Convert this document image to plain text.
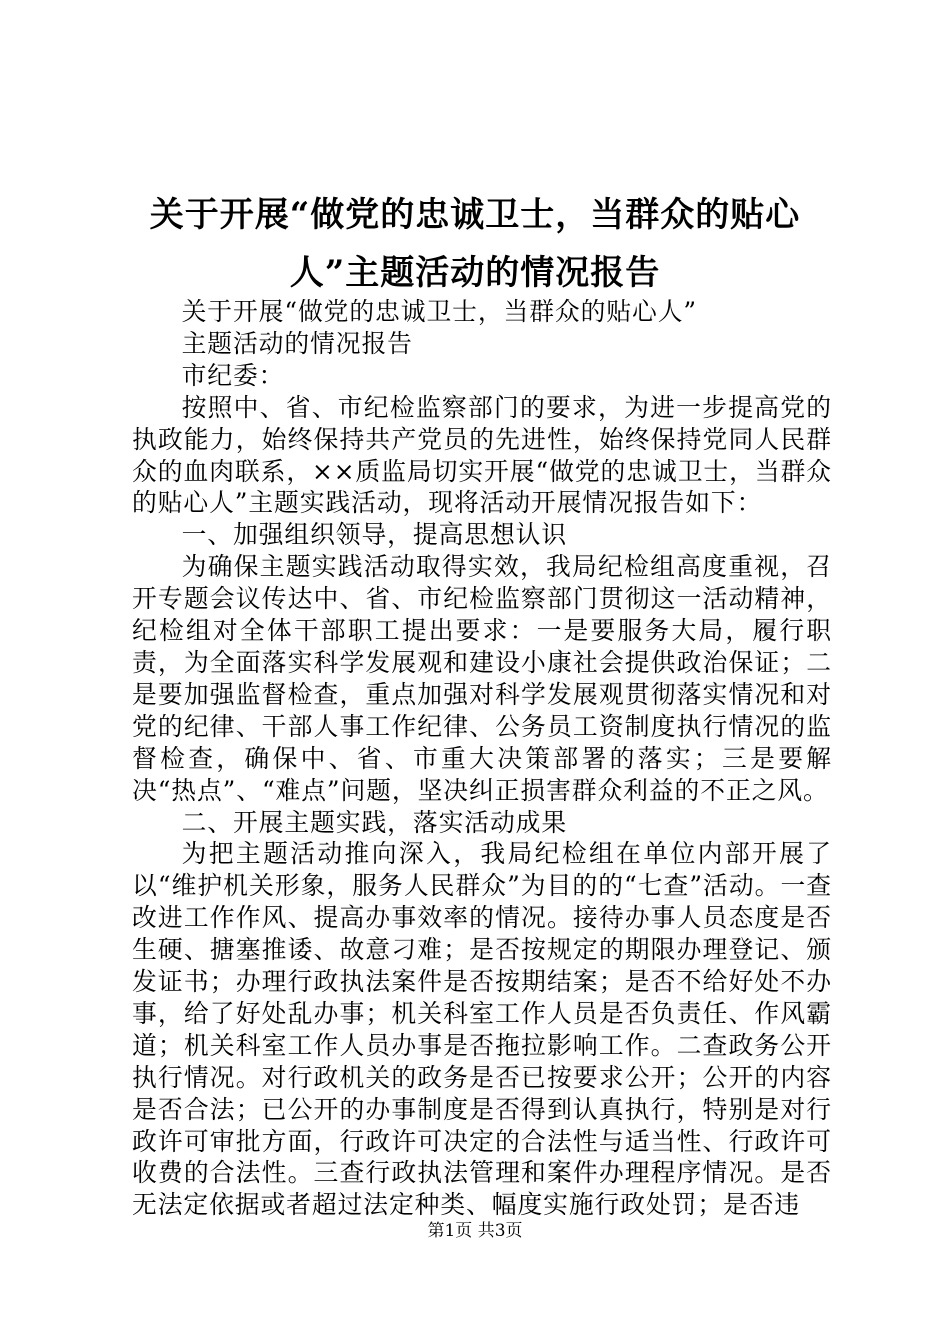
关于开展“做党的忠诚卫士，当群众的贴心
人”主题活动的情况报告

关于开展“做党的忠诚卫士，当群众的贴心人”

主题活动的情况报告

市纪委：

按照中、省、市纪检监察部门的要求，为进一步提高党的执政能力，始终保持共产党员的先进性，始终保持党同人民群众的血肉联系，××质监局切实开展“做党的忠诚卫士，当群众的贴心人”主题实践活动，现将活动开展情况报告如下：

一、加强组织领导，提高思想认识

为确保主题实践活动取得实效，我局纪检组高度重视，召开专题会议传达中、省、市纪检监察部门贯彻这一活动精神，纪检组对全体干部职工提出要求：一是要服务大局，履行职责，为全面落实科学发展观和建设小康社会提供政治保证；二是要加强监督检查，重点加强对科学发展观贯彻落实情况和对党的纪律、干部人事工作纪律、公务员工资制度执行情况的监督检查，确保中、省、市重大决策部署的落实；三是要解决“热点”、“难点”问题，坚决纠正损害群众利益的不正之风。

二、开展主题实践，落实活动成果

为把主题活动推向深入，我局纪检组在单位内部开展了以“维护机关形象，服务人民群众”为目的的“七查”活动。一查改进工作作风、提高办事效率的情况。接待办事人员态度是否生硬、搪塞推诿、故意刁难；是否按规定的期限办理登记、颁发证书；办理行政执法案件是否按期结案；是否不给好处不办事，给了好处乱办事；机关科室工作人员是否负责任、作风霸道；机关科室工作人员办事是否拖拉影响工作。二查政务公开执行情况。对行政机关的政务是否已按要求公开；公开的内容是否合法；已公开的办事制度是否得到认真执行，特别是对行政许可审批方面，行政许可决定的合法性与适当性、行政许可收费的合法性。三查行政执法管理和案件办理程序情况。是否无法定依据或者超过法定种类、幅度实施行政处罚；是否违

第1页 共3页
